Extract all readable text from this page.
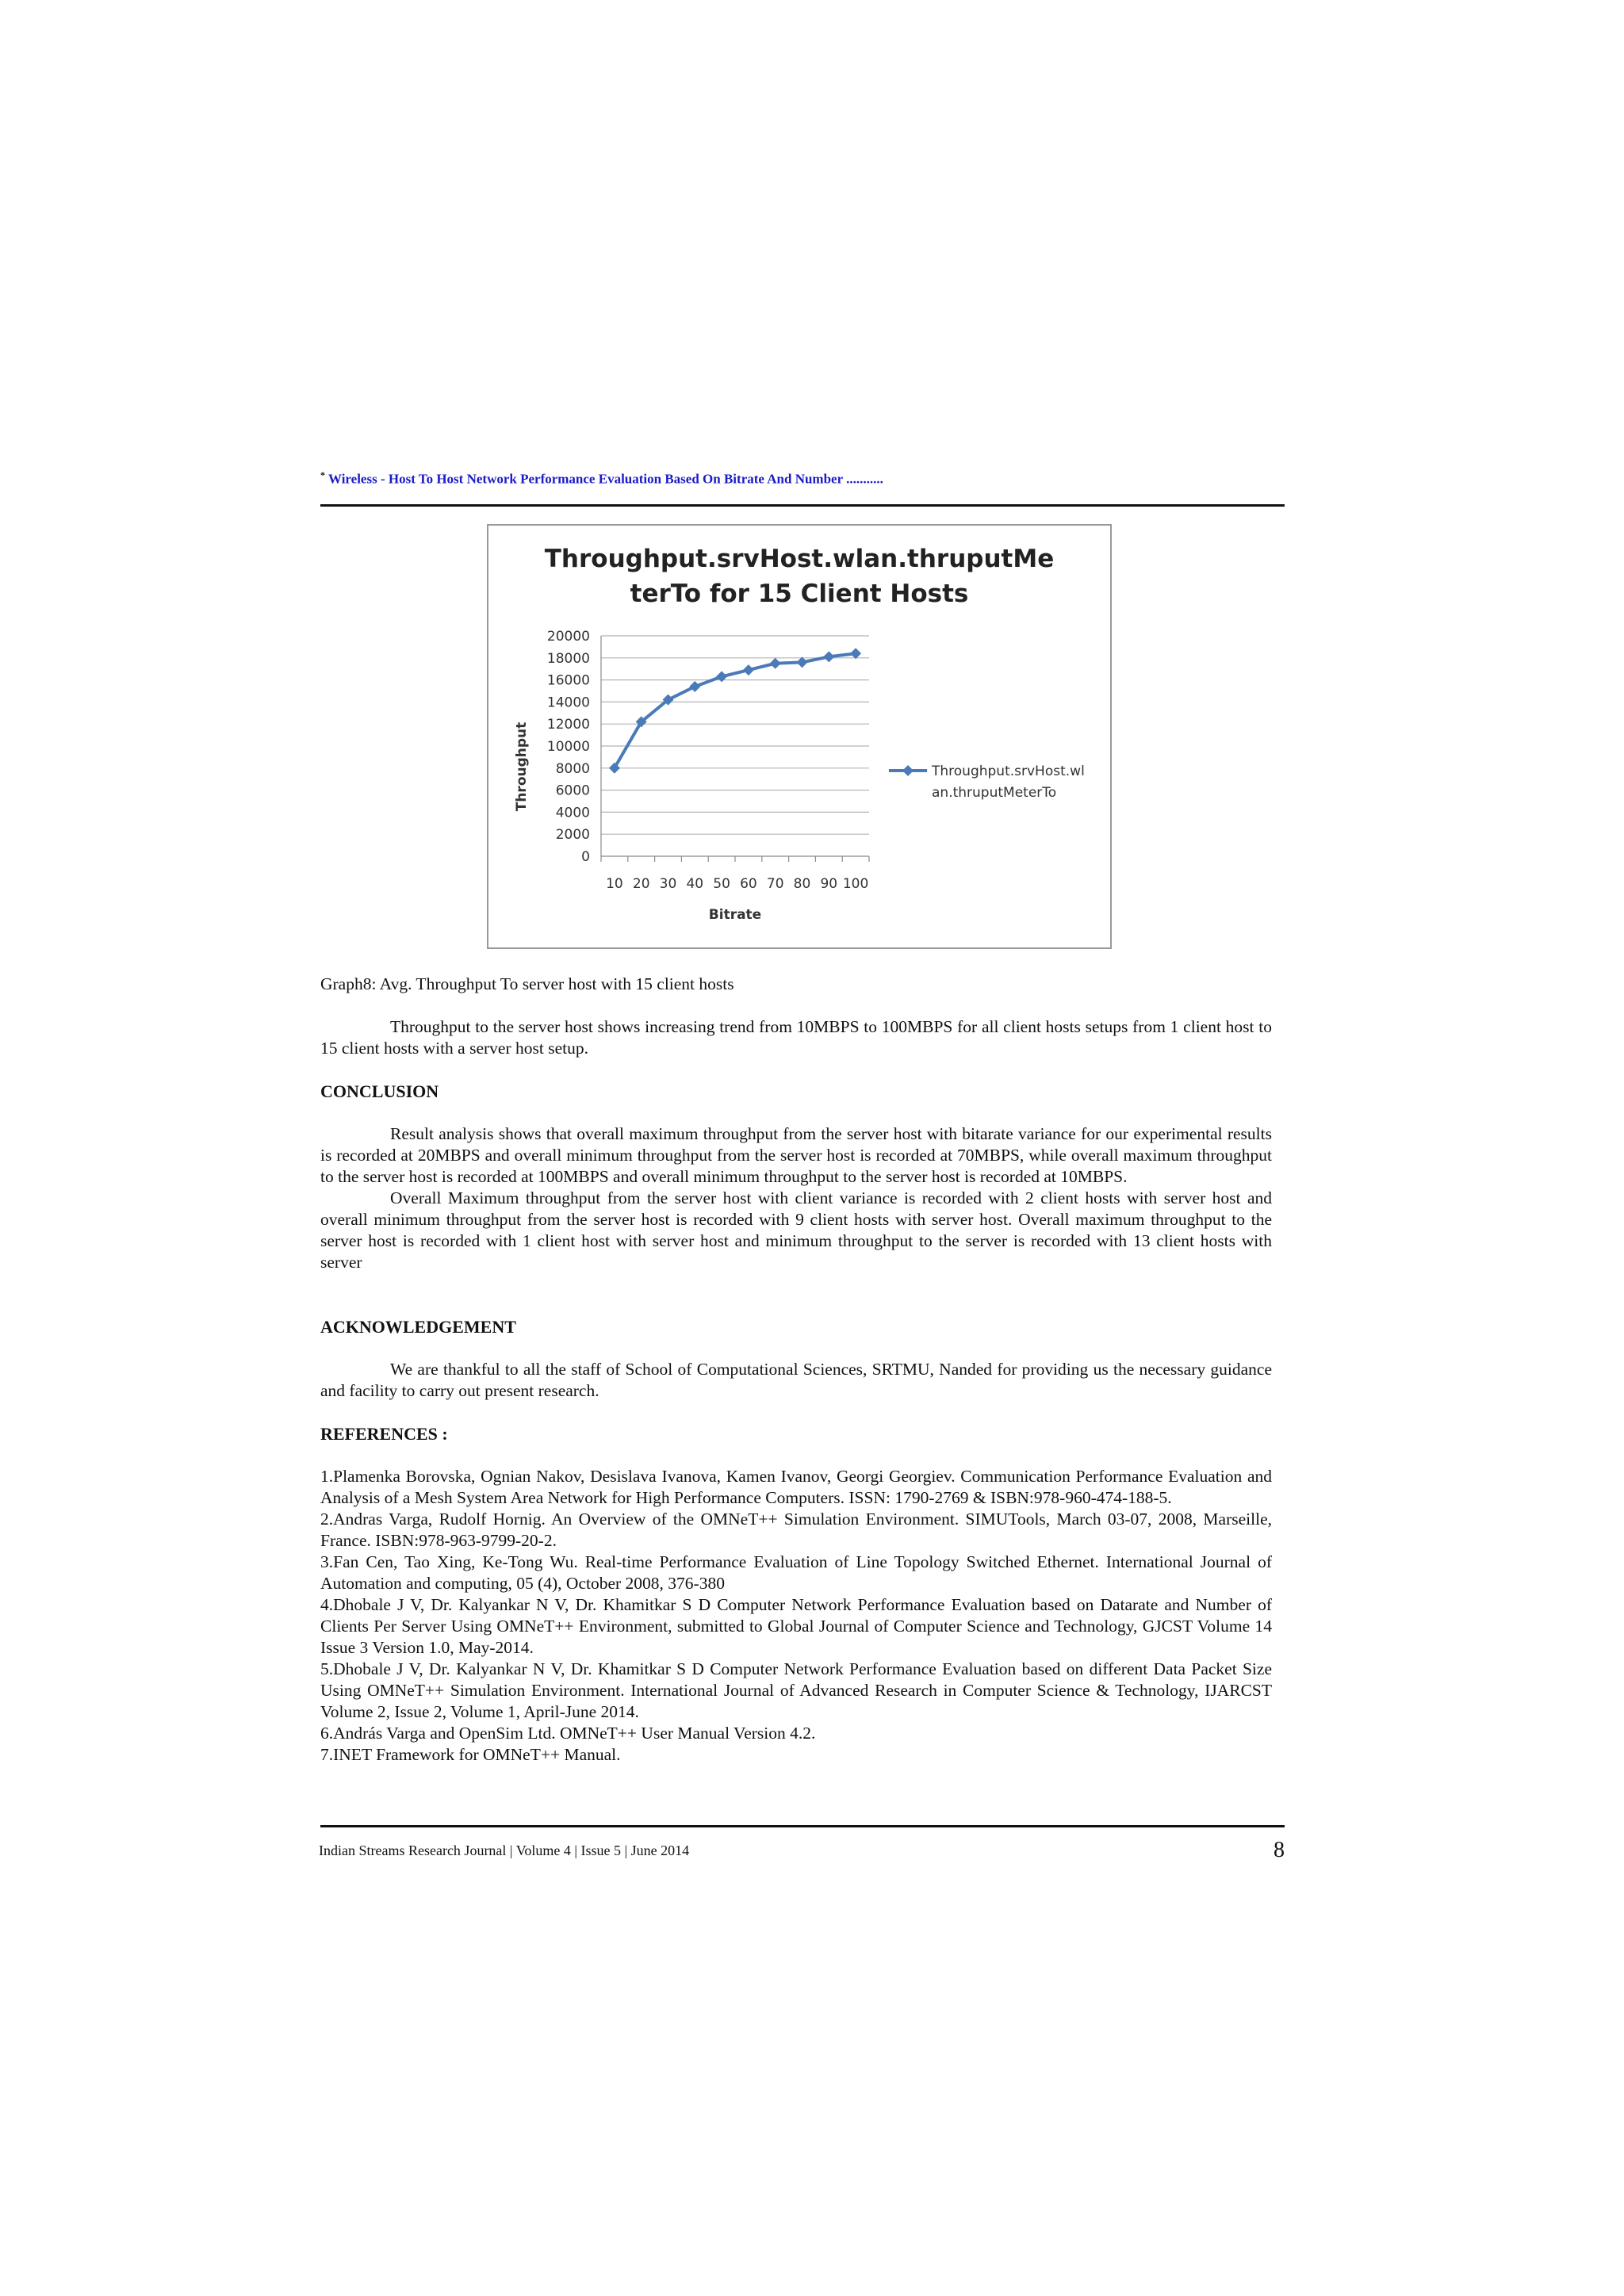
* Wireless - Host To Host Network Performance Evaluation Based On Bitrate And Number ...........
Throughput.srvHost.wlan.thruputMe
terTo for 15 Client Hosts
0
2000
4000
6000
8000
10000
12000
14000
16000
18000
20000
10 20 30 40 50 60 70 80 90 100
Bitrate
Throughput	Throughput.srvHost.wl
an.thruputMeterTo
Graph8: Avg. Throughput To server host with 15 client hosts
Throughput to the server host shows increasing trend from 10MBPS to 100MBPS for all client hosts setups from 1 client host to 15 client hosts with a server host setup.
CONCLUSION
Result analysis shows that overall maximum throughput from the server host with bitarate variance for our experimental results is recorded at 20MBPS and overall minimum throughput from the server host is recorded at 70MBPS, while overall maximum throughput to the server host is recorded at 100MBPS and overall minimum throughput to the server host is recorded at 10MBPS.
Overall Maximum throughput from the server host with client variance is recorded with 2 client hosts with server host and overall minimum throughput from the server host is recorded with 9 client hosts with server host. Overall maximum throughput to the server host is recorded with 1 client host with server host and minimum throughput to the server is recorded with 13 client hosts with server
ACKNOWLEDGEMENT
We are thankful to all the staff of School of Computational Sciences, SRTMU, Nanded for providing us the necessary guidance and facility to carry out present research.
REFERENCES :
1.Plamenka Borovska, Ognian Nakov, Desislava Ivanova, Kamen Ivanov, Georgi Georgiev. Communication Performance Evaluation and Analysis of a Mesh System Area Network for High Performance Computers. ISSN: 1790-2769 & ISBN:978-960-474-188-5.
2.Andras Varga, Rudolf Hornig. An Overview of the OMNeT++ Simulation Environment. SIMUTools, March 03-07, 2008, Marseille, France. ISBN:978-963-9799-20-2.
3.Fan Cen, Tao Xing, Ke-Tong Wu. Real-time Performance Evaluation of Line Topology Switched Ethernet. International Journal of Automation and computing, 05 (4), October 2008, 376-380
4.Dhobale J V, Dr. Kalyankar N V, Dr. Khamitkar S D Computer Network Performance Evaluation based on Datarate and Number of Clients Per Server Using OMNeT++ Environment, submitted to Global Journal of Computer Science and Technology, GJCST Volume 14 Issue 3 Version 1.0, May-2014.
5.Dhobale J V, Dr. Kalyankar N V, Dr. Khamitkar S D Computer Network Performance Evaluation based on different Data Packet Size Using OMNeT++ Simulation Environment. International Journal of Advanced Research in Computer Science & Technology, IJARCST Volume 2, Issue 2, Volume 1, April-June 2014.
6.András Varga and OpenSim Ltd. OMNeT++ User Manual Version 4.2.
7.INET Framework for OMNeT++ Manual.
Indian Streams Research Journal | Volume 4 | Issue 5 | June 2014	8
